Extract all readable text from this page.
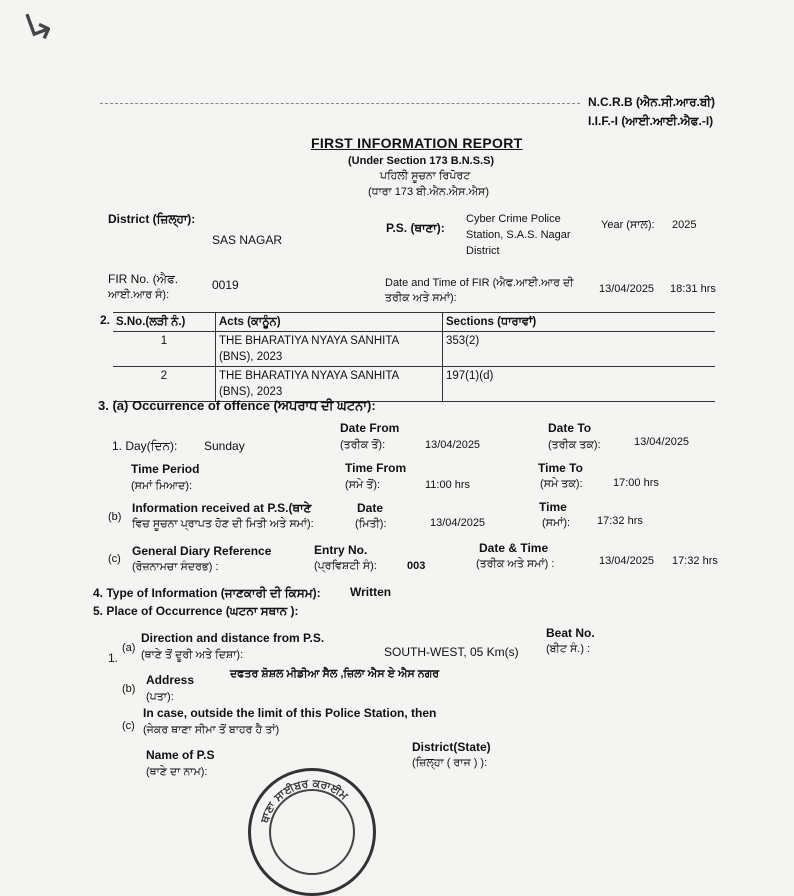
↳
N.C.R.B (ਐਨ.ਸੀ.ਆਰ.ਬੀ)
I.I.F.-I (ਆਈ.ਆਈ.ਐਫ.-I)
FIRST INFORMATION REPORT
(Under Section 173 B.N.S.S)
ਪਹਿਲੀ ਸੂਚਨਾ ਰਿਪੋਰਟ
(ਧਾਰਾ 173 ਬੀ.ਐਨ.ਐਸ.ਐਸ)
District (ਜ਼ਿਲ੍ਹਾ):
SAS NAGAR
P.S. (ਥਾਣਾ):
Cyber Crime Police
Station, S.A.S. Nagar
District
Year (ਸਾਲ): 2025
FIR No. (ਐਫ.
ਆਈ.ਆਰ ਸੰ):
0019	Date and Time of FIR (ਐਫ.ਆਈ.ਆਰ ਦੀ
ਤਰੀਕ ਅਤੇ ਸਮਾਂ):
13/04/2025 18:31 hrs
2. S.No.(ਲੜੀ ਨੰ.)	Acts (ਕਾਨੂੰਨ)	Sections (ਧਾਰਾਵਾਂ)
1	THE BHARATIYA NYAYA SANHITA
(BNS), 2023	353(2)
2	THE BHARATIYA NYAYA SANHITA
(BNS), 2023	197(1)(d)
3. (a) Occurrence of offence (ਅਪਰਾਧ ਦੀ ਘਟਨਾ):
Date From	Date To
1. Day(ਦਿਨ): Sunday	(ਤਰੀਕ ਤੋਂ):	13/04/2025	(ਤਰੀਕ ਤਕ):	13/04/2025
Time Period
(ਸਮਾਂ ਮਿਆਦ):
Time From
(ਸਮੇ ਤੋਂ):	11:00 hrs
Time To
(ਸਮੇ ਤਕ):	17:00 hrs
(b)
Information received at P.S.(ਥਾਣੇ
ਵਿਚ ਸੂਚਨਾ ਪ੍ਰਾਪਤ ਹੋਣ ਦੀ ਮਿਤੀ ਅਤੇ ਸਮਾਂ):
Date
(ਮਿਤੀ):	13/04/2025
Time
(ਸਮਾਂ): 17:32 hrs
(c)
General Diary Reference
(ਰੋਜ਼ਨਾਮਚਾ ਸੰਦਰਭ) :
Entry No.
(ਪ੍ਰਵਿਸ਼ਟੀ ਸੰ):	003
Date & Time
(ਤਰੀਕ ਅਤੇ ਸਮਾਂ) :	13/04/2025 17:32 hrs
4. Type of Information (ਜਾਣਕਾਰੀ ਦੀ ਕਿਸਮ): Written
5. Place of Occurrence (ਘਟਨਾ ਸਥਾਨ ):
1.
(a)
Direction and distance from P.S.
(ਥਾਣੇ ਤੋਂ ਦੂਰੀ ਅਤੇ ਦਿਸ਼ਾ):	SOUTH-WEST, 05 Km(s)
Beat No.
(ਬੀਟ ਸੰ.) :
(b)
Address
(ਪਤਾ):
ਦਫਤਰ ਸ਼ੋਸ਼ਲ ਮੀਡੀਆ ਸੈਲ ,ਜ਼ਿਲਾ ਐਸ ਏ ਐਸ ਨਗਰ
(c)
In case, outside the limit of this Police Station, then
(ਜੇਕਰ ਥਾਣਾ ਸੀਮਾ ਤੋਂ ਬਾਹਰ ਹੈ ਤਾਂ)
Name of P.S
(ਥਾਣੇ ਦਾ ਨਾਮ):
District(State)
(ਜ਼ਿਲ੍ਹਾ ( ਰਾਜ ) ):
ਥਾਣਾ ਸਾਈਬਰ ਕਰਾਈਮ
